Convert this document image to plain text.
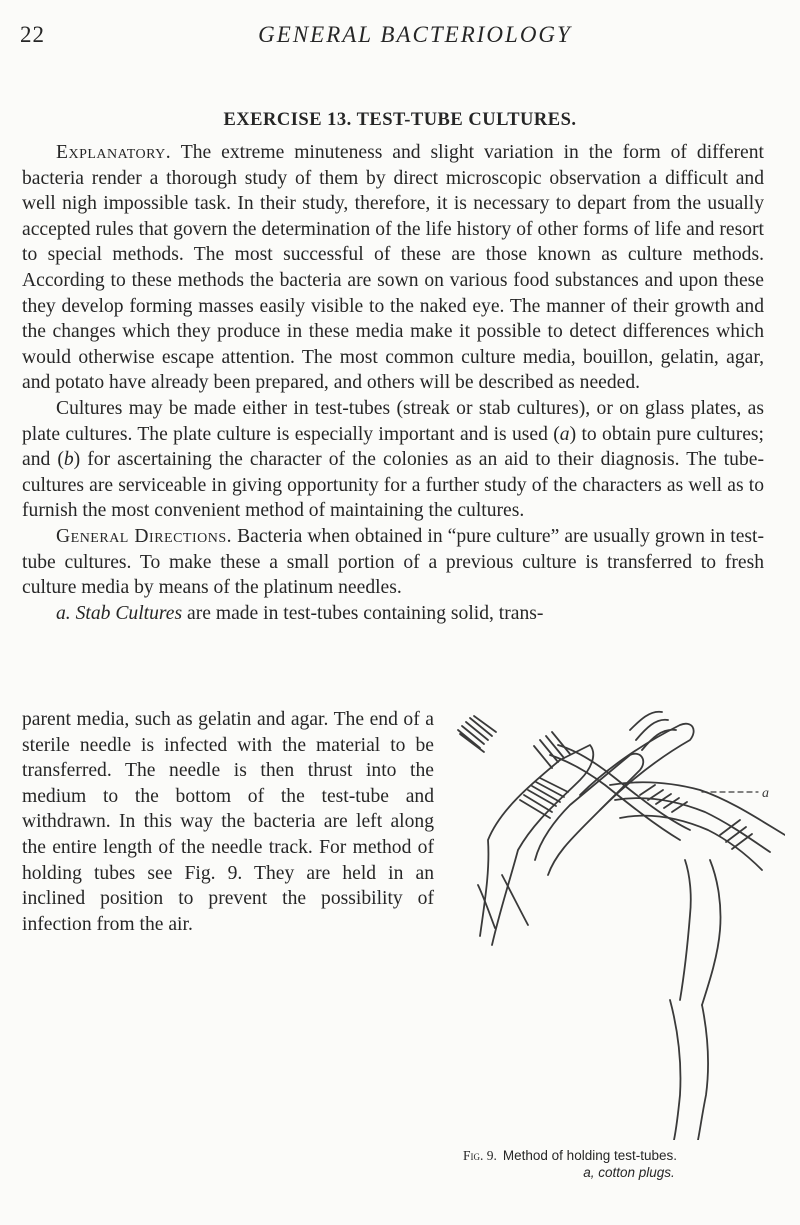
22	GENERAL BACTERIOLOGY
EXERCISE 13. TEST-TUBE CULTURES.

Explanatory. The extreme minuteness and slight variation in the form of different bacteria render a thorough study of them by direct microscopic observation a difficult and well nigh impossible task. In their study, therefore, it is necessary to depart from the usually accepted rules that govern the determination of the life history of other forms of life and resort to special methods. The most successful of these are those known as culture methods. According to these methods the bacteria are sown on various food substances and upon these they develop forming masses easily visible to the naked eye. The manner of their growth and the changes which they produce in these media make it possible to detect differences which would otherwise escape attention. The most common culture media, bouillon, gelatin, agar, and potato have already been prepared, and others will be described as needed.

Cultures may be made either in test-tubes (streak or stab cultures), or on glass plates, as plate cultures. The plate culture is especially important and is used (a) to obtain pure cultures; and (b) for ascertaining the character of the colonies as an aid to their diagnosis. The tube-cultures are serviceable in giving opportunity for a further study of the characters as well as to furnish the most convenient method of maintaining the cultures.

General Directions. Bacteria when obtained in “pure culture” are usually grown in test-tube cultures. To make these a small portion of a previous culture is transferred to fresh culture media by means of the platinum needles.

a. Stab Cultures are made in test-tubes containing solid, trans-

parent media, such as gelatin and agar. The end of a sterile needle is infected with the material to be transferred. The needle is then thrust into the medium to the bottom of the test-tube and withdrawn. In this way the bacteria are left along the entire length of the needle track. For method of holding tubes see Fig. 9. They are held in an inclined position to prevent the possibility of infection from the air.
a
Fig. 9. Method of holding test-tubes.
a, cotton plugs.
